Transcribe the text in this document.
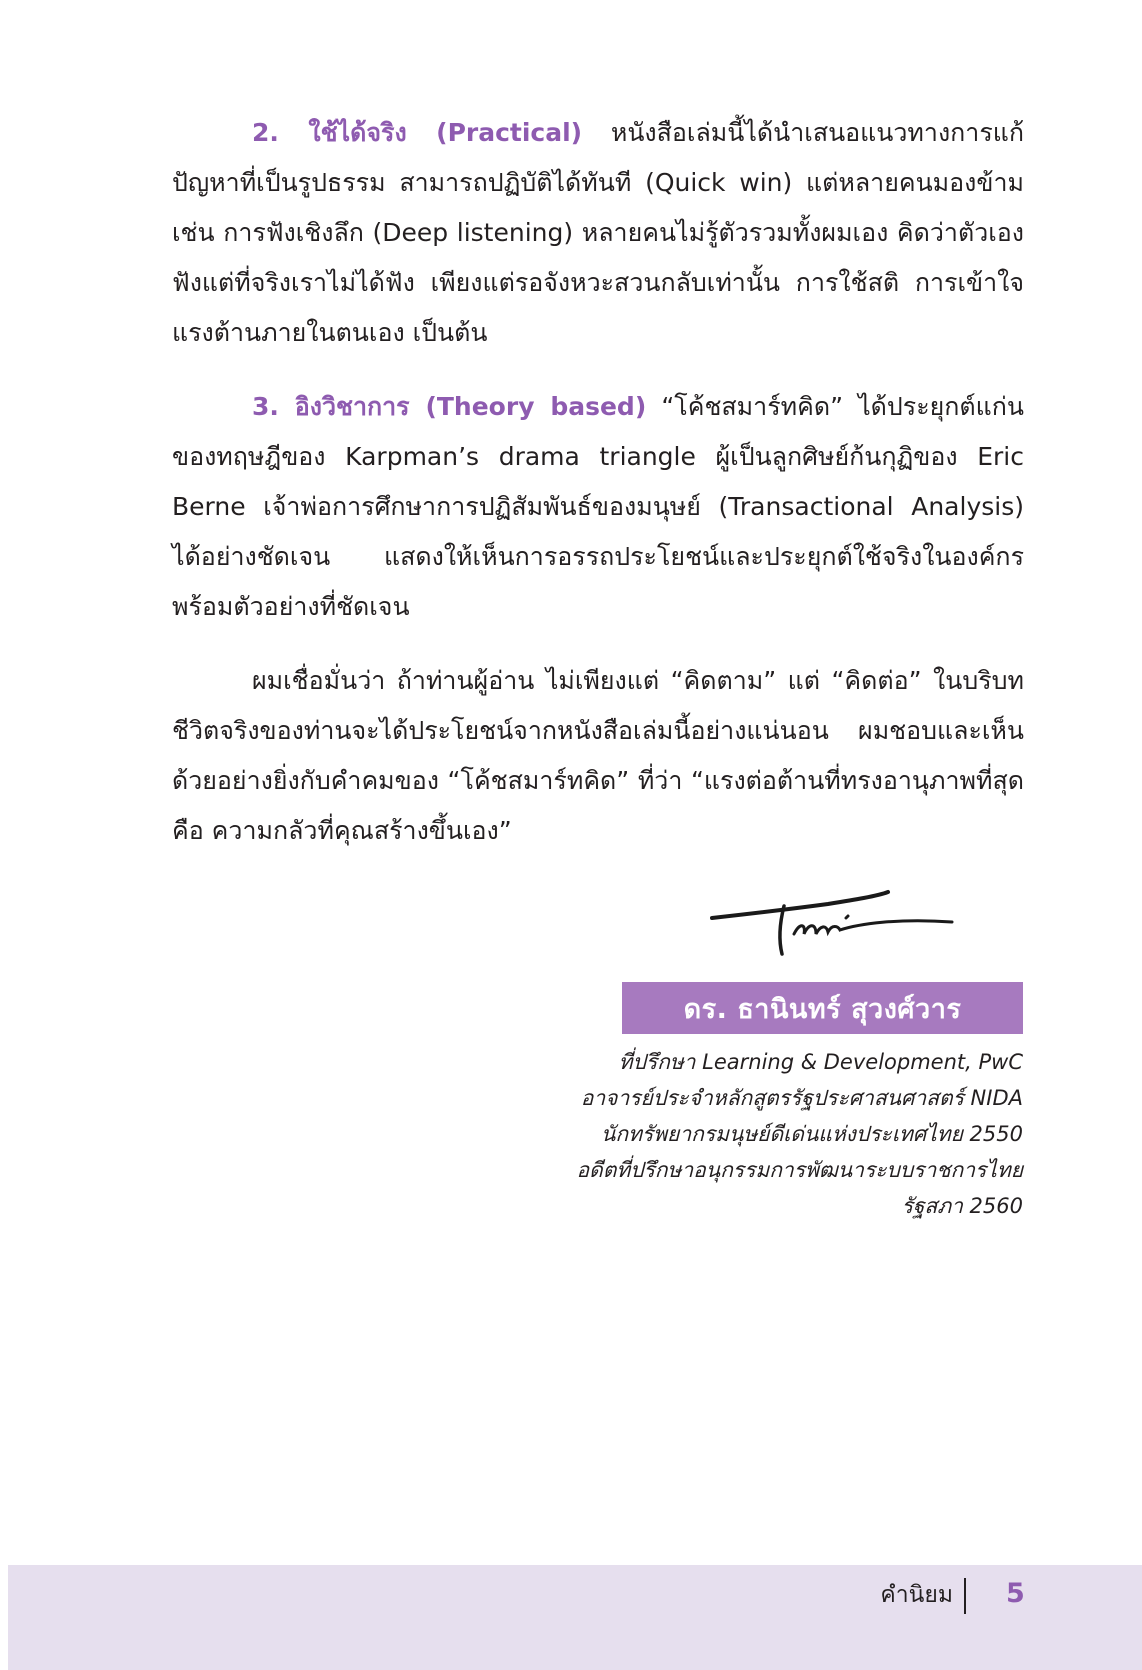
2. ใช้ได้จริง (Practical) หนังสือเล่มนี้ได้นำเสนอแนวทางการแก้ปัญหาที่เป็นรูปธรรม สามารถปฏิบัติได้ทันที (Quick win) แต่หลายคนมองข้าม เช่น การฟังเชิงลึก (Deep listening) หลายคนไม่รู้ตัวรวมทั้งผมเอง คิดว่าตัวเองฟังแต่ที่จริงเราไม่ได้ฟัง เพียงแต่รอจังหวะสวนกลับเท่านั้น การใช้สติ การเข้าใจแรงต้านภายในตนเอง เป็นต้น

3. อิงวิชาการ (Theory based) “โค้ชสมาร์ทคิด” ได้ประยุกต์แก่นของทฤษฎีของ Karpman’s drama triangle ผู้เป็นลูกศิษย์ก้นกุฏิของ Eric Berne เจ้าพ่อการศึกษาการปฏิสัมพันธ์ของมนุษย์ (Transactional Analysis) ได้อย่างชัดเจน แสดงให้เห็นการอรรถประโยชน์และประยุกต์ใช้จริงในองค์กร พร้อมตัวอย่างที่ชัดเจน

ผมเชื่อมั่นว่า ถ้าท่านผู้อ่าน ไม่เพียงแต่ “คิดตาม” แต่ “คิดต่อ” ในบริบทชีวิตจริงของท่านจะได้ประโยชน์จากหนังสือเล่มนี้อย่างแน่นอน ผมชอบและเห็นด้วยอย่างยิ่งกับคำคมของ “โค้ชสมาร์ทคิด” ที่ว่า “แรงต่อต้านที่ทรงอานุภาพที่สุด คือ ความกลัวที่คุณสร้างขึ้นเอง”

ดร. ธานินทร์ สุวงศ์วาร
ที่ปรึกษา Learning & Development, PwC
อาจารย์ประจำหลักสูตรรัฐประศาสนศาสตร์ NIDA
นักทรัพยากรมนุษย์ดีเด่นแห่งประเทศไทย 2550
อดีตที่ปรึกษาอนุกรรมการพัฒนาระบบราชการไทย
รัฐสภา 2560
คำนิยม 5
